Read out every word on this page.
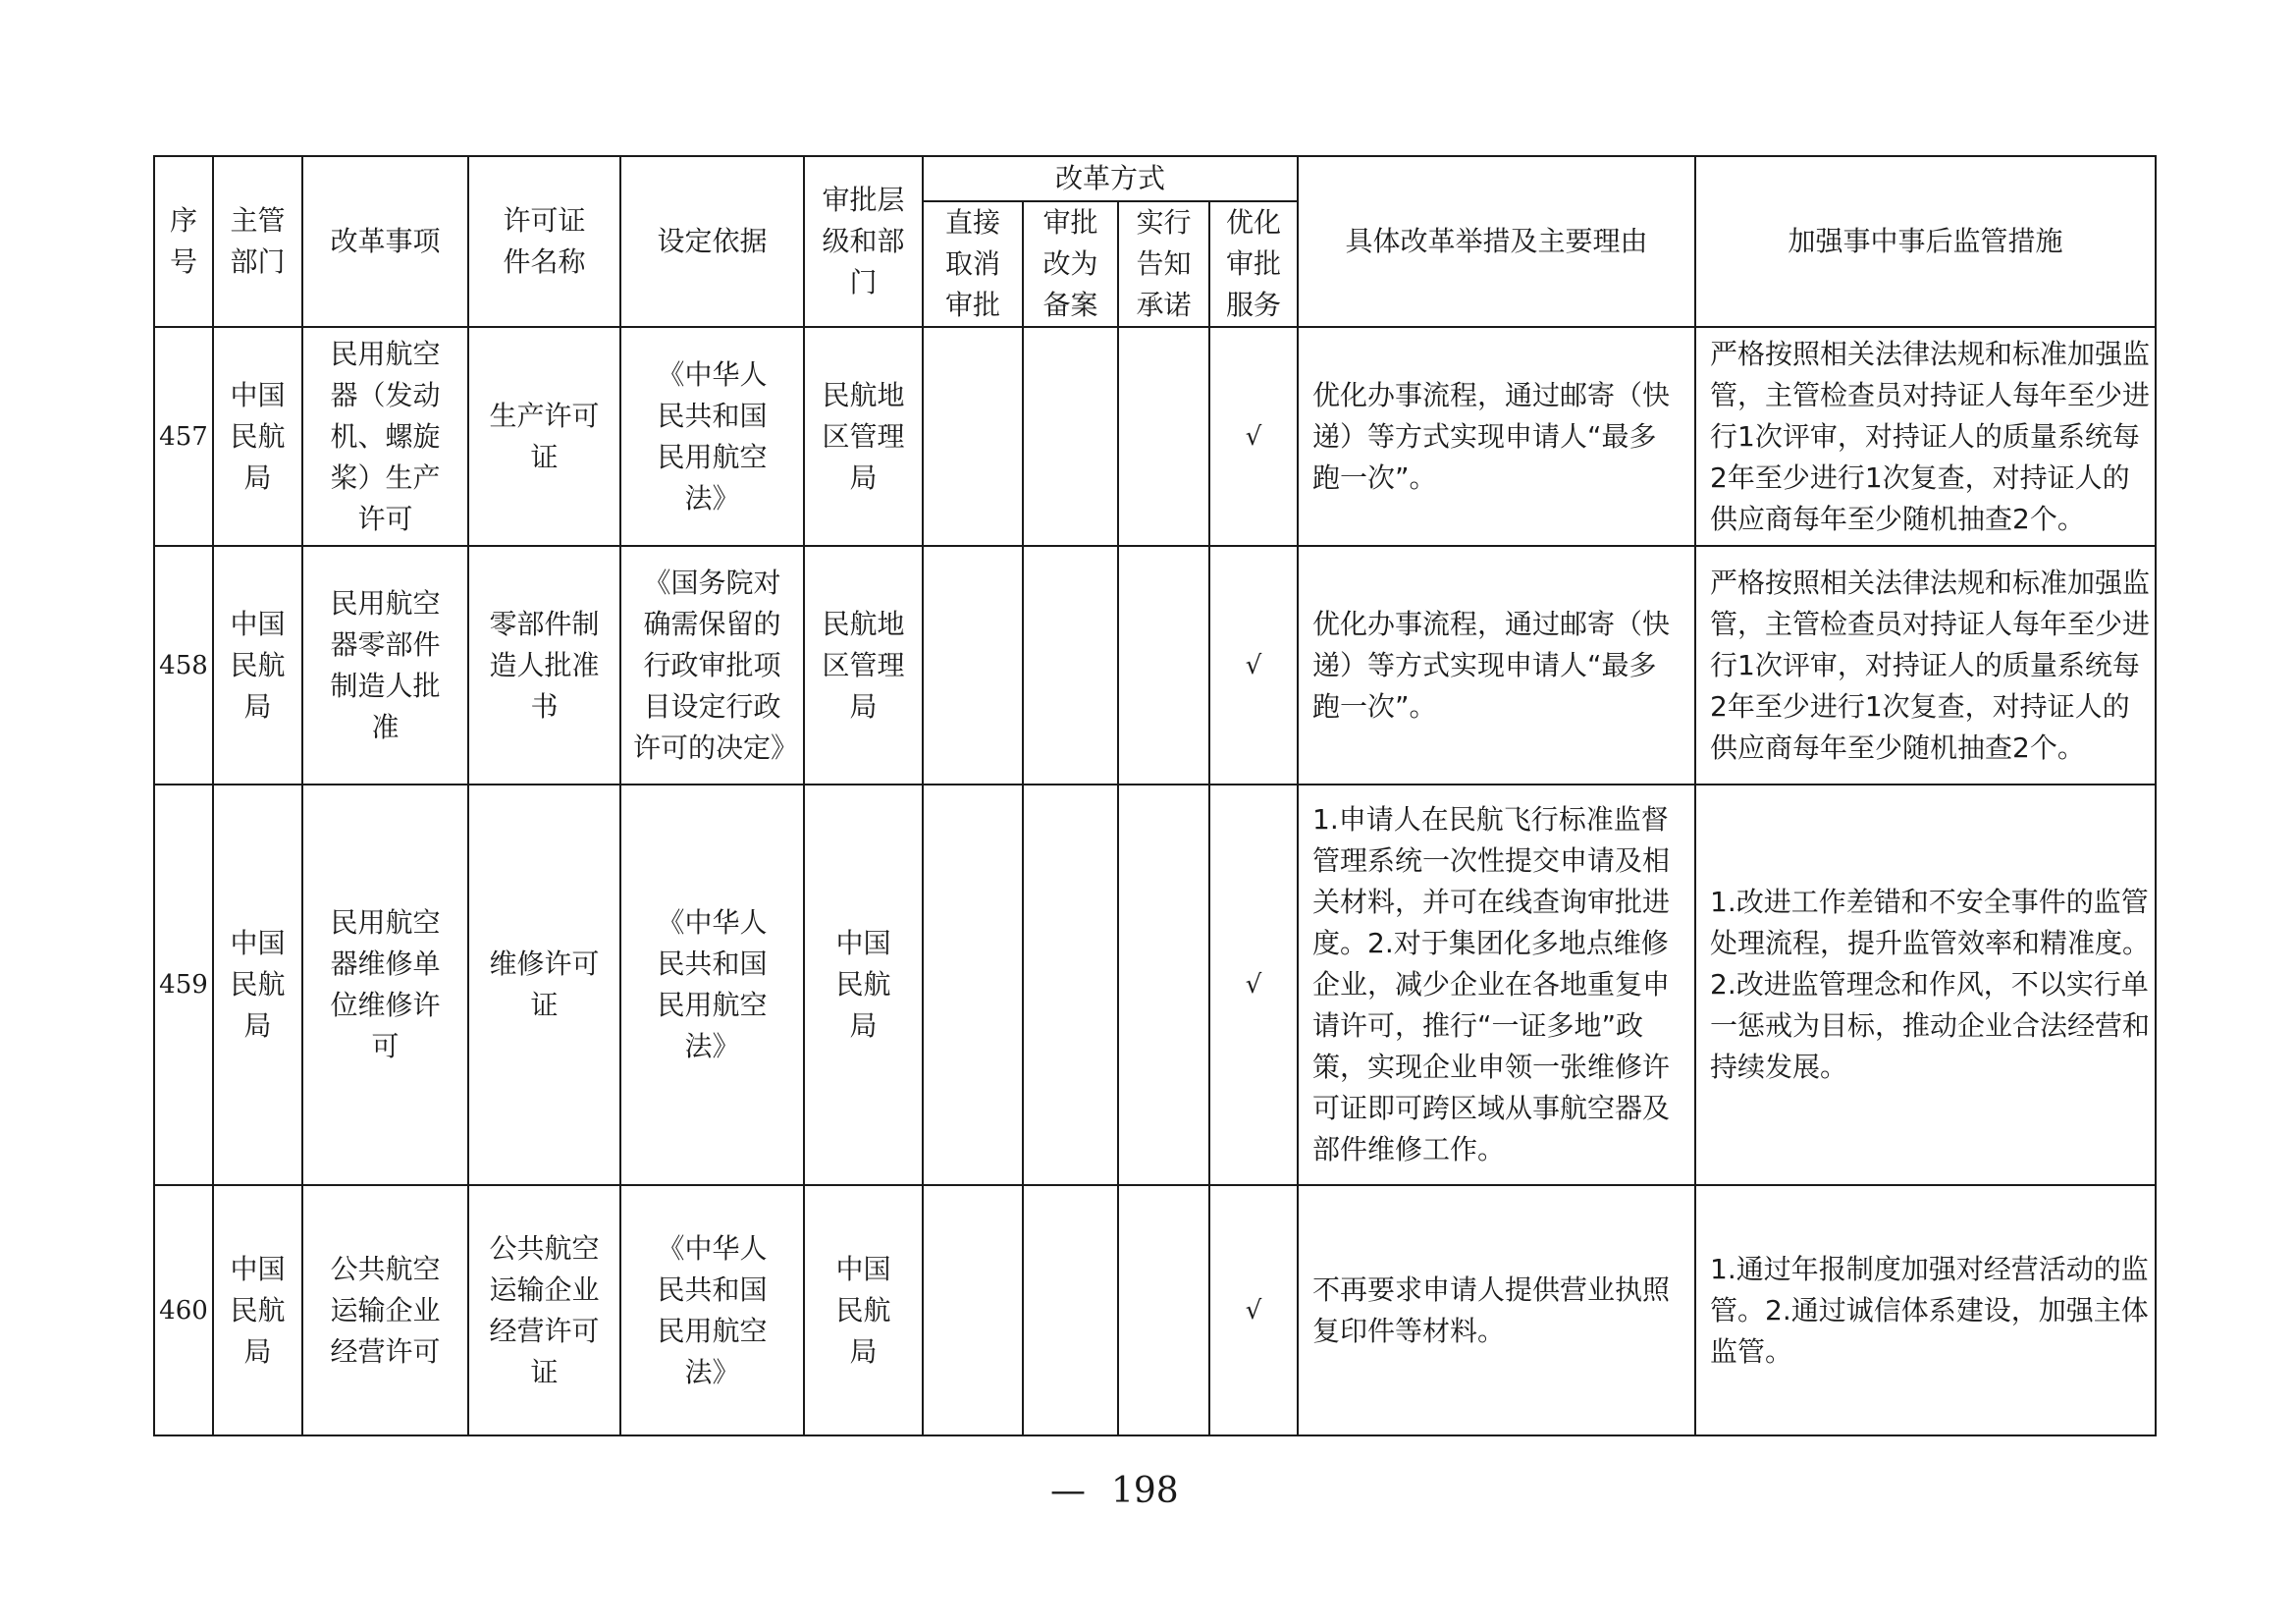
序号	主管部门	改革事项	许可证件名称	设定依据	审批层级和部门	改革方式				具体改革举措及主要理由	加强事中事后监管措施
						直接取消审批	审批改为备案	实行告知承诺	优化审批服务		
457	中国民航局	民用航空器（发动机、螺旋桨）生产许可	生产许可证	《中华人民共和国民用航空法》	民航地区管理局				√	优化办事流程，通过邮寄（快递）等方式实现申请人“最多跑一次”。	严格按照相关法律法规和标准加强监管，主管检查员对持证人每年至少进行1次评审，对持证人的质量系统每2年至少进行1次复查，对持证人的供应商每年至少随机抽查2个。
458	中国民航局	民用航空器零部件制造人批准	零部件制造人批准书	《国务院对确需保留的行政审批项目设定行政许可的决定》	民航地区管理局				√	优化办事流程，通过邮寄（快递）等方式实现申请人“最多跑一次”。	严格按照相关法律法规和标准加强监管，主管检查员对持证人每年至少进行1次评审，对持证人的质量系统每2年至少进行1次复查，对持证人的供应商每年至少随机抽查2个。
459	中国民航局	民用航空器维修单位维修许可	维修许可证	《中华人民共和国民用航空法》	中国民航局				√	1.申请人在民航飞行标准监督管理系统一次性提交申请及相关材料，并可在线查询审批进度。2.对于集团化多地点维修企业，减少企业在各地重复申请许可，推行“一证多地”政策，实现企业申领一张维修许可证即可跨区域从事航空器及部件维修工作。	1.改进工作差错和不安全事件的监管处理流程，提升监管效率和精准度。2.改进监管理念和作风，不以实行单一惩戒为目标，推动企业合法经营和持续发展。
460	中国民航局	公共航空运输企业经营许可	公共航空运输企业经营许可证	《中华人民共和国民用航空法》	中国民航局				√	不再要求申请人提供营业执照复印件等材料。	1.通过年报制度加强对经营活动的监管。2.通过诚信体系建设，加强主体监管。
— 198
